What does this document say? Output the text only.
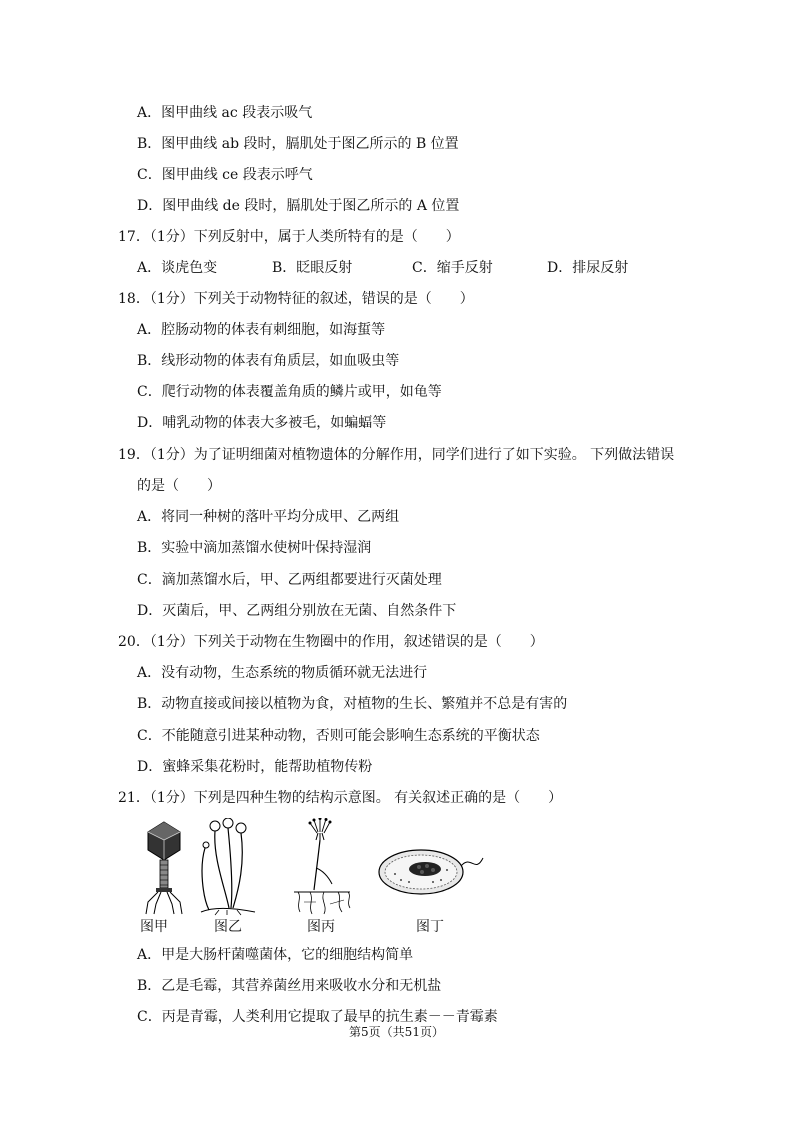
A．图甲曲线 ac 段表示吸气
B．图甲曲线 ab 段时，膈肌处于图乙所示的 B 位置
C．图甲曲线 ce 段表示呼气
D．图甲曲线 de 段时，膈肌处于图乙所示的 A 位置
17．（1分）下列反射中，属于人类所特有的是（　　）
A．谈虎色变	B．眨眼反射	C．缩手反射	D．排尿反射
18．（1分）下列关于动物特征的叙述，错误的是（　　）
A．腔肠动物的体表有刺细胞，如海蜇等
B．线形动物的体表有角质层，如血吸虫等
C．爬行动物的体表覆盖角质的鳞片或甲，如龟等
D．哺乳动物的体表大多被毛，如蝙蝠等
19．（1分）为了证明细菌对植物遗体的分解作用，同学们进行了如下实验。 下列做法错误
的是（　　）
A．将同一种树的落叶平均分成甲、乙两组
B．实验中滴加蒸馏水使树叶保持湿润
C．滴加蒸馏水后，甲、乙两组都要进行灭菌处理
D．灭菌后，甲、乙两组分别放在无菌、自然条件下
20．（1分）下列关于动物在生物圈中的作用，叙述错误的是（　　）
A．没有动物，生态系统的物质循环就无法进行
B．动物直接或间接以植物为食，对植物的生长、繁殖并不总是有害的
C．不能随意引进某种动物，否则可能会影响生态系统的平衡状态
D．蜜蜂采集花粉时，能帮助植物传粉
21．（1分）下列是四种生物的结构示意图。 有关叙述正确的是（　　）
图甲	图乙	图丙	图丁
A．甲是大肠杆菌噬菌体，它的细胞结构简单
B．乙是毛霉，其营养菌丝用来吸收水分和无机盐
C．丙是青霉，人类利用它提取了最早的抗生素－－青霉素
第5页（共51页）
